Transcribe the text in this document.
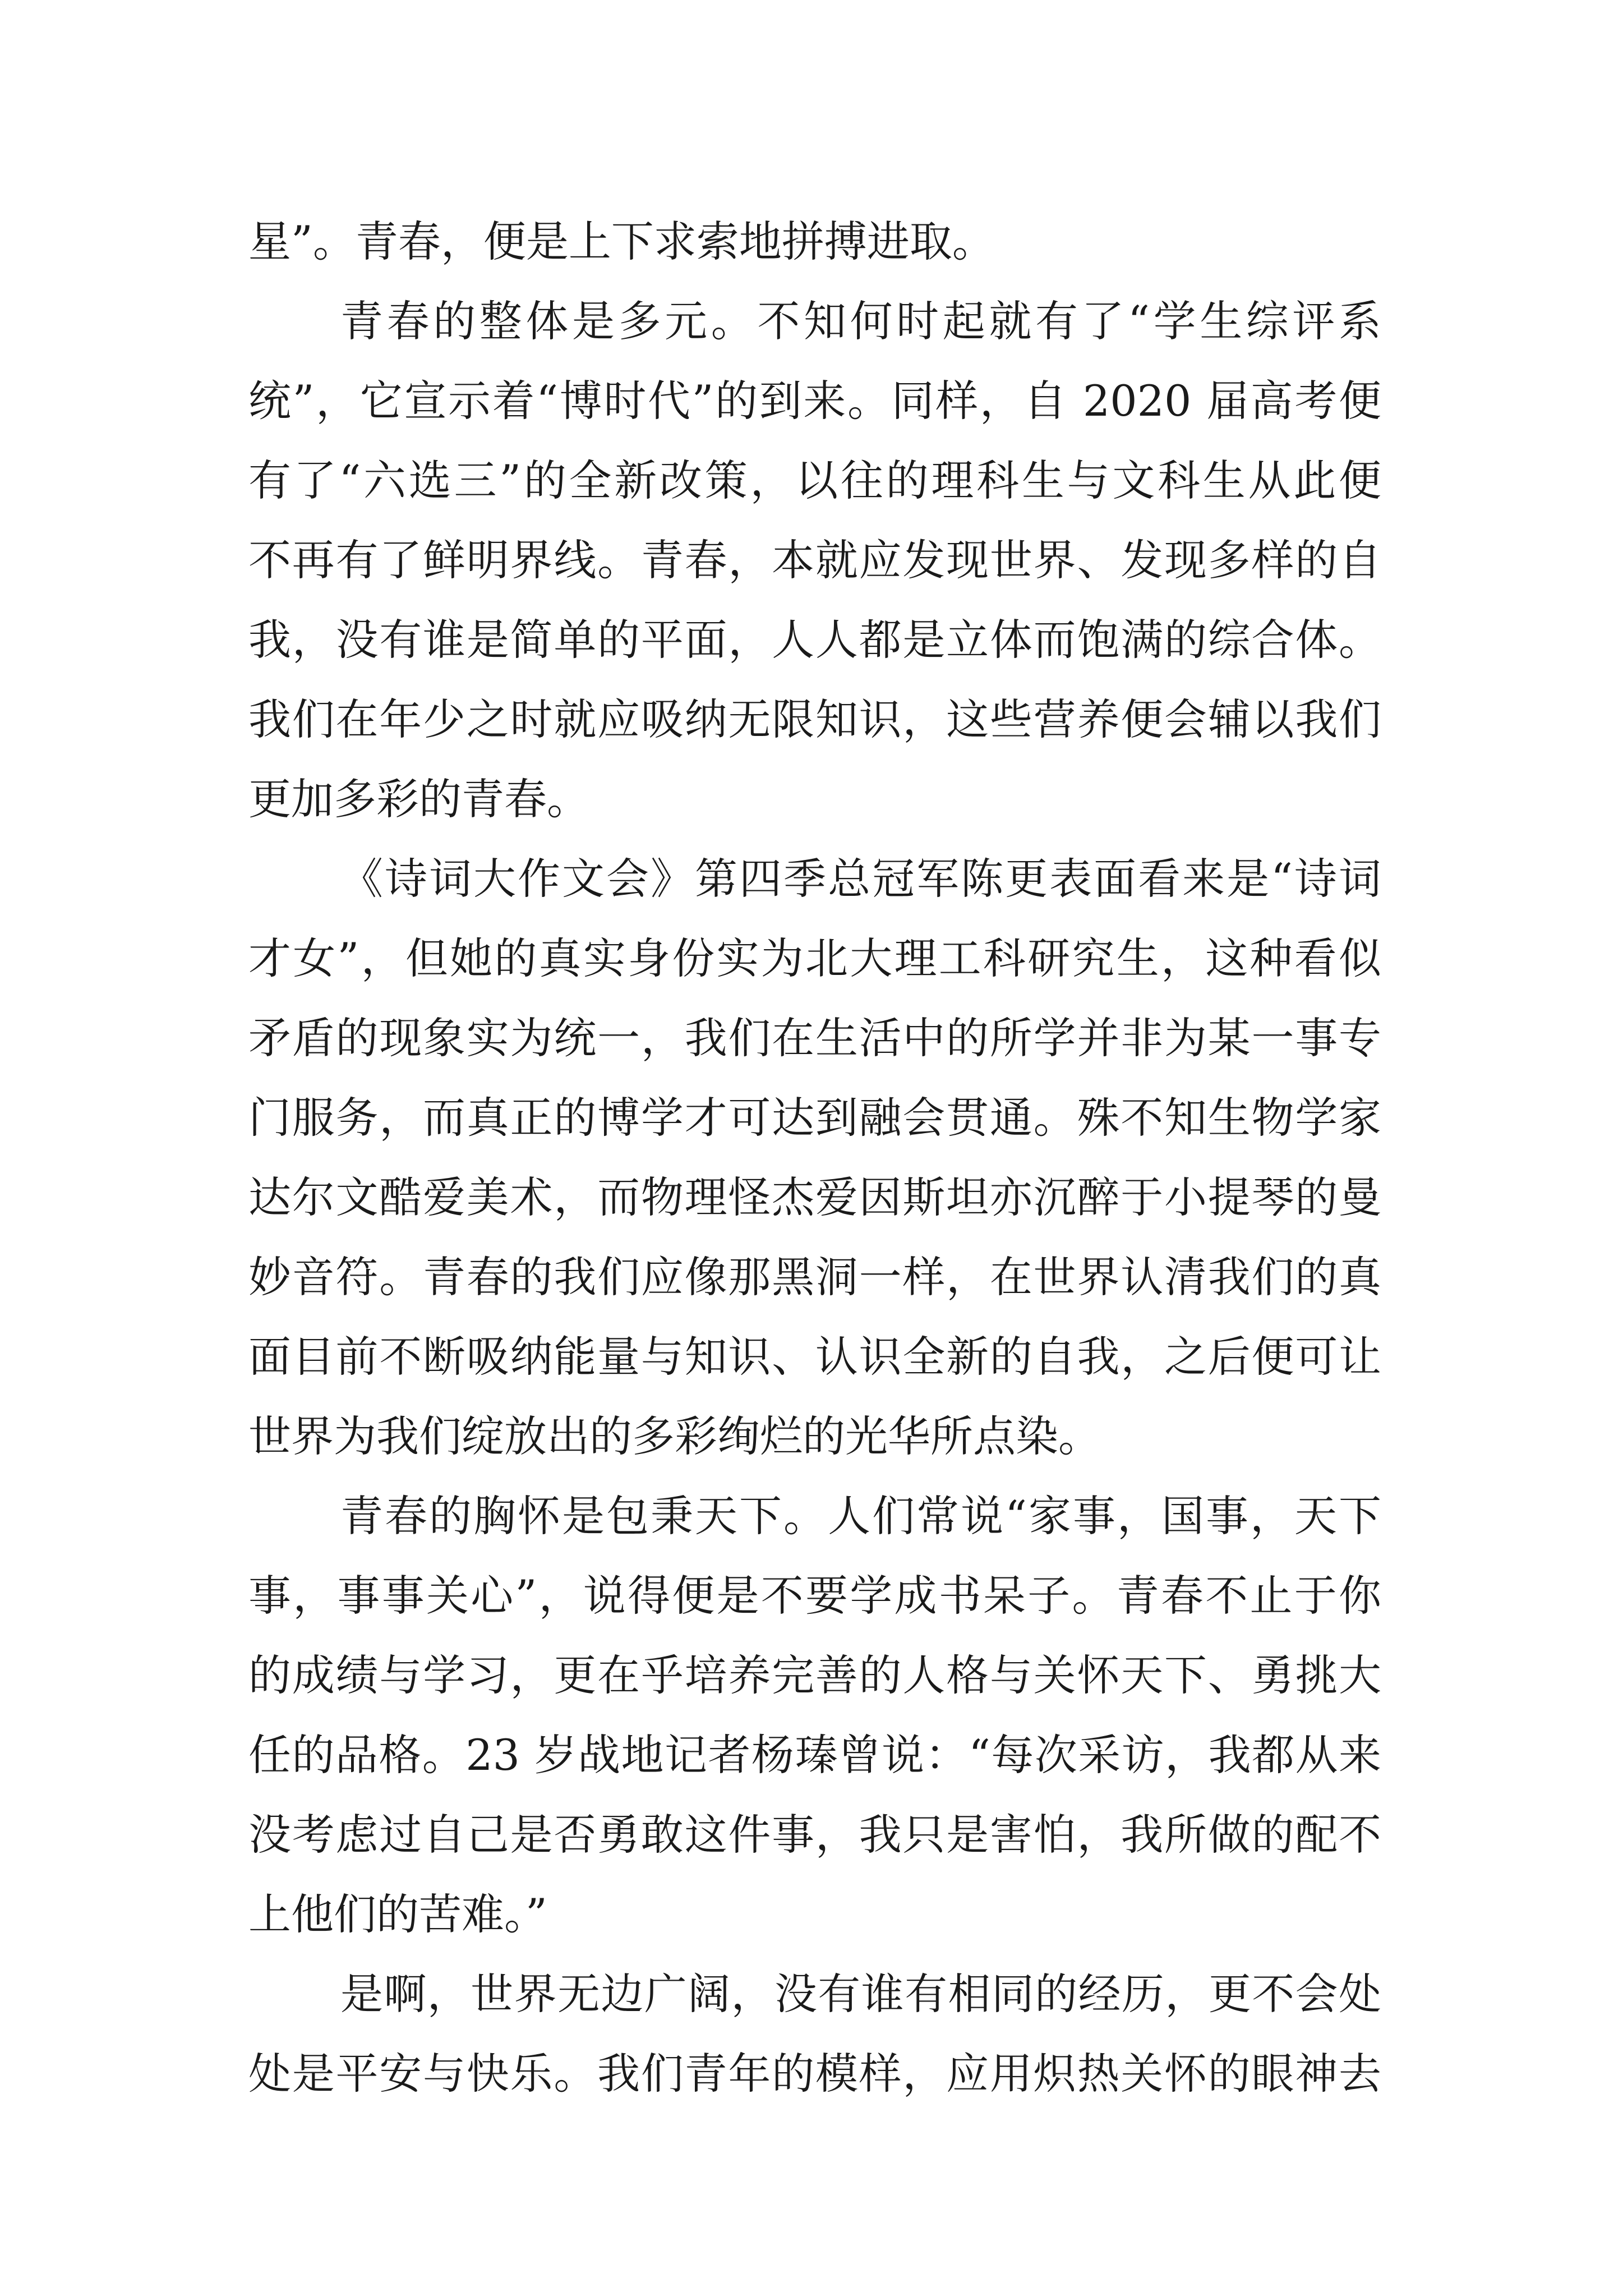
星”。青春，便是上下求索地拼搏进取。
青春的整体是多元。不知何时起就有了“学生综评系
统”，它宣示着“博时代”的到来。同样，自 2020 届高考便
有了“六选三”的全新改策，以往的理科生与文科生从此便
不再有了鲜明界线。青春，本就应发现世界、发现多样的自
我，没有谁是简单的平面，人人都是立体而饱满的综合体。
我们在年少之时就应吸纳无限知识，这些营养便会辅以我们
更加多彩的青春。
《诗词大作文会》第四季总冠军陈更表面看来是“诗词
才女”，但她的真实身份实为北大理工科研究生，这种看似
矛盾的现象实为统一，我们在生活中的所学并非为某一事专
门服务，而真正的博学才可达到融会贯通。殊不知生物学家
达尔文酷爱美术，而物理怪杰爱因斯坦亦沉醉于小提琴的曼
妙音符。青春的我们应像那黑洞一样，在世界认清我们的真
面目前不断吸纳能量与知识、认识全新的自我，之后便可让
世界为我们绽放出的多彩绚烂的光华所点染。
青春的胸怀是包秉天下。人们常说“家事，国事，天下
事，事事关心”，说得便是不要学成书呆子。青春不止于你
的成绩与学习，更在乎培养完善的人格与关怀天下、勇挑大
任的品格。23 岁战地记者杨瑧曾说：“每次采访，我都从来
没考虑过自己是否勇敢这件事，我只是害怕，我所做的配不
上他们的苦难。”
是啊，世界无边广阔，没有谁有相同的经历，更不会处
处是平安与快乐。我们青年的模样，应用炽热关怀的眼神去
